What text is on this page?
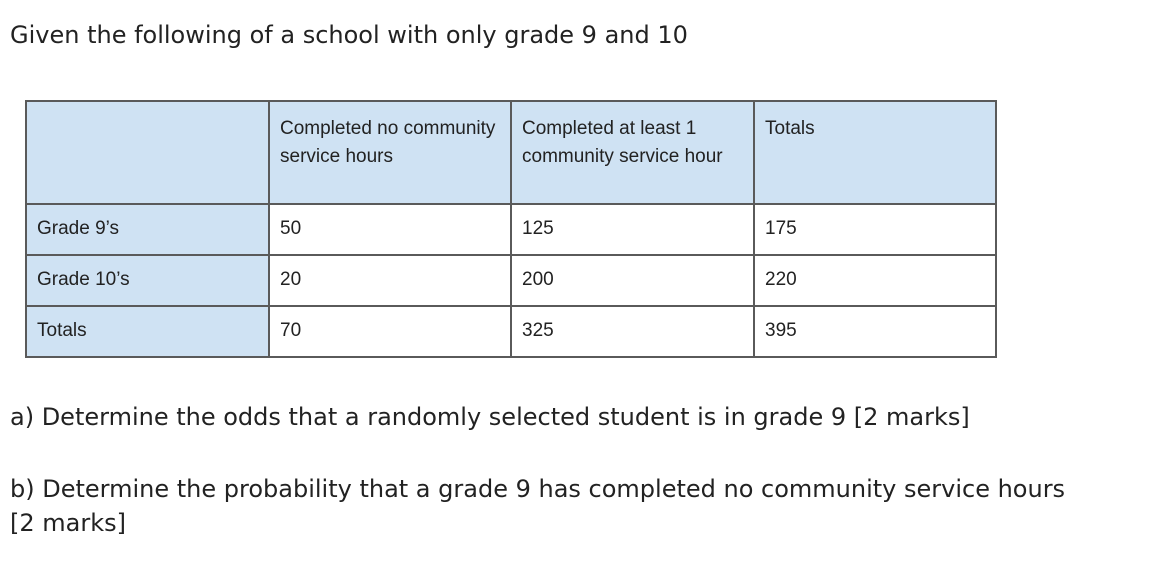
Given the following of a school with only grade 9 and 10
	Completed no community service hours	Completed at least 1 community service hour	Totals
Grade 9’s	50	125	175
Grade 10’s	20	200	220
Totals	70	325	395
a) Determine the odds that a randomly selected student is in grade 9 [2 marks]
b) Determine the probability that a grade 9 has completed no community service hours [2 marks]
